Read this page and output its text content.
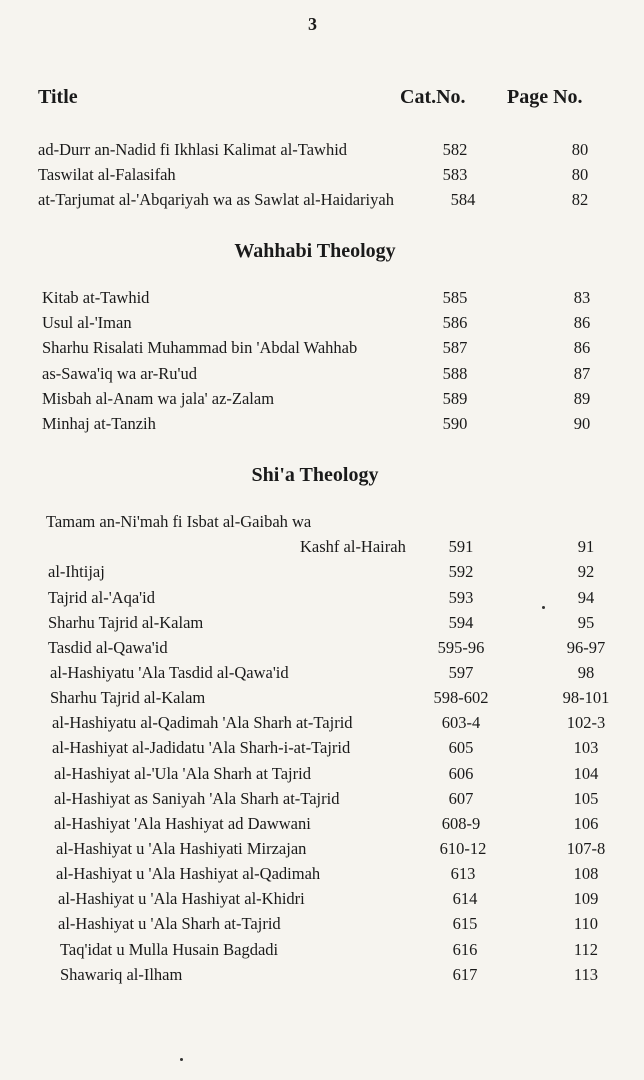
3
Title	Cat.No. Page No.
ad-Durr an-Nadid fi Ikhlasi Kalimat al-Tawhid	582	80
Taswilat al-Falasifah	583	80
at-Tarjumat al-'Abqariyah wa as Sawlat al-Haidariyah	584	82
Wahhabi Theology
Kitab at-Tawhid	585	83
Usul al-'Iman	586	86
Sharhu Risalati Muhammad bin 'Abdal Wahhab	587	86
as-Sawa'iq wa ar-Ru'ud	588	87
Misbah al-Anam wa jala' az-Zalam	589	89
Minhaj at-Tanzih	590	90
Shi'a Theology
Tamam an-Ni'mah fi Isbat al-Gaibah wa
Kashf al-Hairah	591	91
al-Ihtijaj	592	92
Tajrid al-'Aqa'id	593	94
Sharhu Tajrid al-Kalam	594	95
Tasdid al-Qawa'id	595-96	96-97
al-Hashiyatu 'Ala Tasdid al-Qawa'id	597	98
Sharhu Tajrid al-Kalam	598-602	98-101
al-Hashiyatu al-Qadimah 'Ala Sharh at-Tajrid	603-4	102-3
al-Hashiyat al-Jadidatu 'Ala Sharh-i-at-Tajrid	605	103
al-Hashiyat al-'Ula 'Ala Sharh at Tajrid	606	104
al-Hashiyat as Saniyah 'Ala Sharh at-Tajrid	607	105
al-Hashiyat 'Ala Hashiyat ad Dawwani	608-9	106
al-Hashiyat u 'Ala Hashiyati Mirzajan	610-12	107-8
al-Hashiyat u 'Ala Hashiyat al-Qadimah	613	108
al-Hashiyat u 'Ala Hashiyat al-Khidri	614	109
al-Hashiyat u 'Ala Sharh at-Tajrid	615	110
Taq'idat u Mulla Husain Bagdadi	616	112
Shawariq al-Ilham	617	113
